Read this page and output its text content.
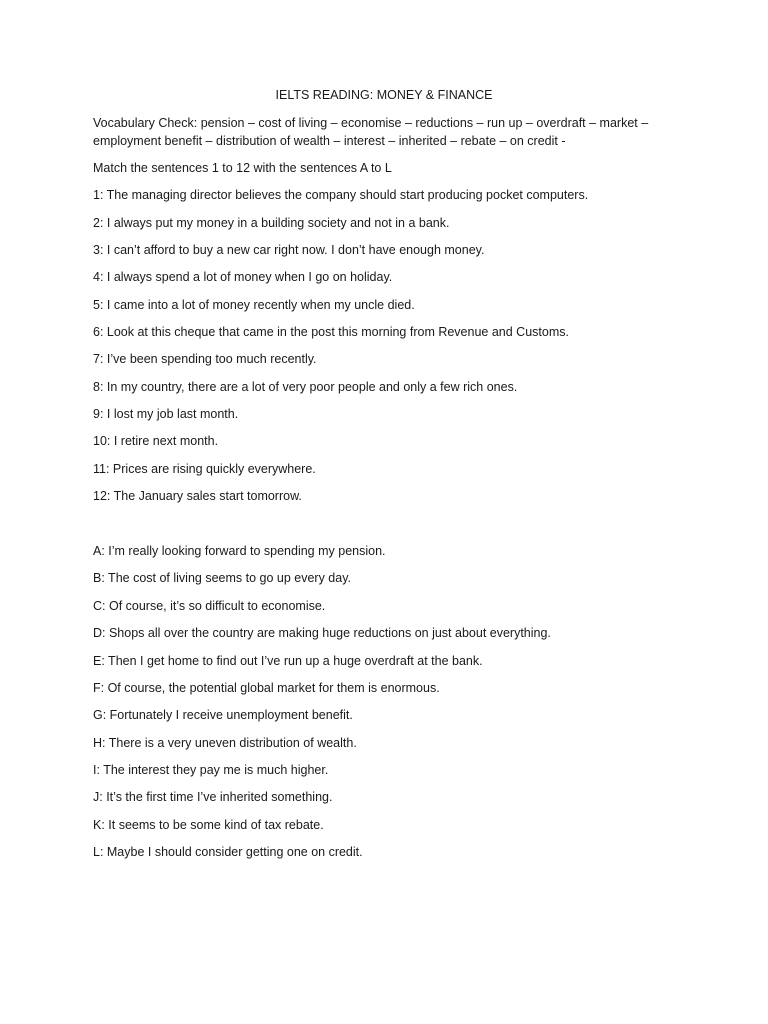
IELTS READING: MONEY & FINANCE
Vocabulary Check: pension – cost of living – economise – reductions – run up – overdraft – market –
employment benefit – distribution of wealth – interest – inherited – rebate – on credit -

Match the sentences 1 to 12 with the sentences A to L

1: The managing director believes the company should start producing pocket computers.

2: I always put my money in a building society and not in a bank.

3: I can’t afford to buy a new car right now. I don’t have enough money.

4: I always spend a lot of money when I go on holiday.

5: I came into a lot of money recently when my uncle died.

6: Look at this cheque that came in the post this morning from Revenue and Customs.

7: I’ve been spending too much recently.

8: In my country, there are a lot of very poor people and only a few rich ones.

9: I lost my job last month.

10: I retire next month.

11: Prices are rising quickly everywhere.

12: The January sales start tomorrow.

A: I’m really looking forward to spending my pension.

B: The cost of living seems to go up every day.

C: Of course, it’s so difficult to economise.

D: Shops all over the country are making huge reductions on just about everything.

E: Then I get home to find out I’ve run up a huge overdraft at the bank.

F: Of course, the potential global market for them is enormous.

G: Fortunately I receive unemployment benefit.

H: There is a very uneven distribution of wealth.

I: The interest they pay me is much higher.

J: It’s the first time I’ve inherited something.

K: It seems to be some kind of tax rebate.

L: Maybe I should consider getting one on credit.
